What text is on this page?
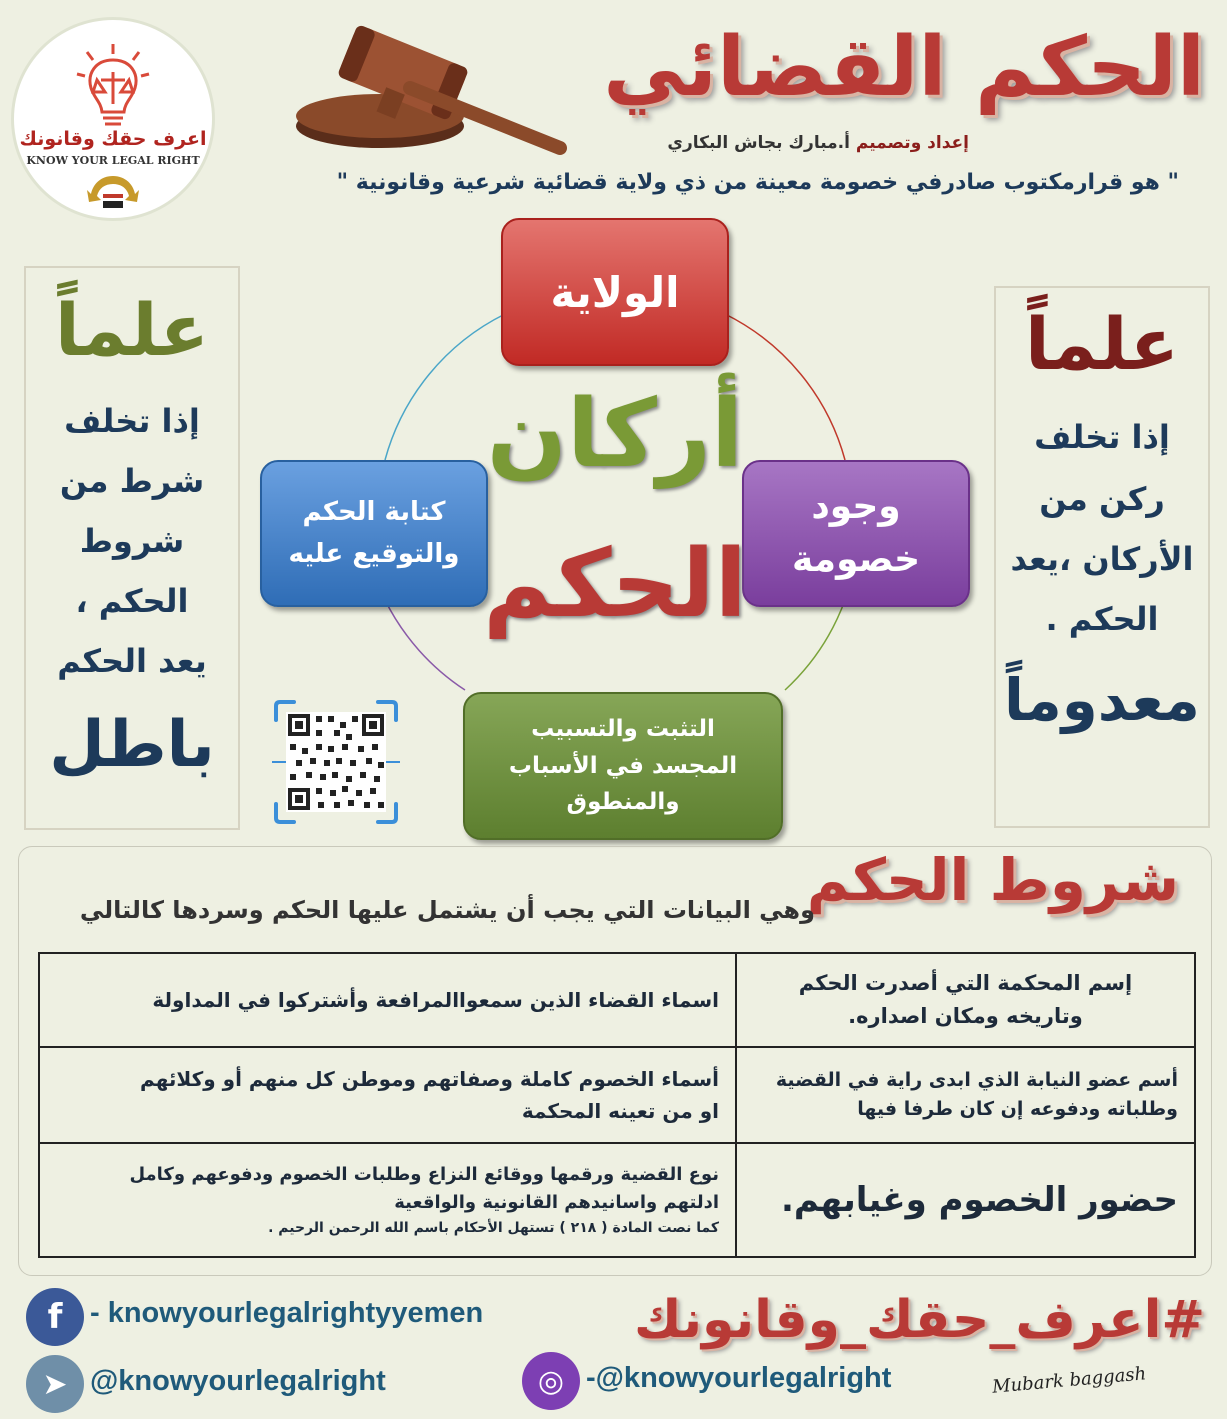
اعرف حقك وقانونك
KNOW YOUR LEGAL RIGHT
الحكم القضائي
إعداد وتصميم أ.مبارك بجاش البكاري
" هو قرارمكتوب صادرفي خصومة معينة من ذي ولاية قضائية شرعية وقانونية "
علماً
إذا تخلف
شرط من
شروط
الحكم ،
يعد الحكم
باطل
علماً
إذا تخلف
ركن من
الأركان ،يعد
الحكم .
معدوماً
الولاية
وجود
خصومة
كتابة الحكم
والتوقيع عليه
التثبت والتسبيب
المجسد في الأسباب
والمنطوق
أركان
الحكم
شروط الحكم
وهي البيانات التي يجب أن يشتمل عليها الحكم وسردها كالتالي
إسم المحكمة التي أصدرت الحكم
وتاريخه ومكان اصداره.	اسماء القضاء الذين سمعواالمرافعة وأشتركوا في المداولة

أسم عضو النيابة الذي ابدى راية في القضية
وطلباته ودفوعه إن كان طرفا فيها	أسماء الخصوم كاملة وصفاتهم وموطن كل منهم أو وكلائهم
او من تعينه المحكمة

حضور الخصوم وغيابهم.	نوع القضية ورقمها ووقائع النزاع وطلبات الخصوم ودفوعهم وكامل
ادلتهم واسانيدهم القانونية والواقعية
كما نصت المادة ( ٢١٨ ) تستهل الأحكام باسم الله الرحمن الرحيم .
f - knowyourlegalrightyyemen
➤ @knowyourlegalright	◎ -@knowyourlegalright
#اعرف_حقك_وقانونك
Mubark baggash
